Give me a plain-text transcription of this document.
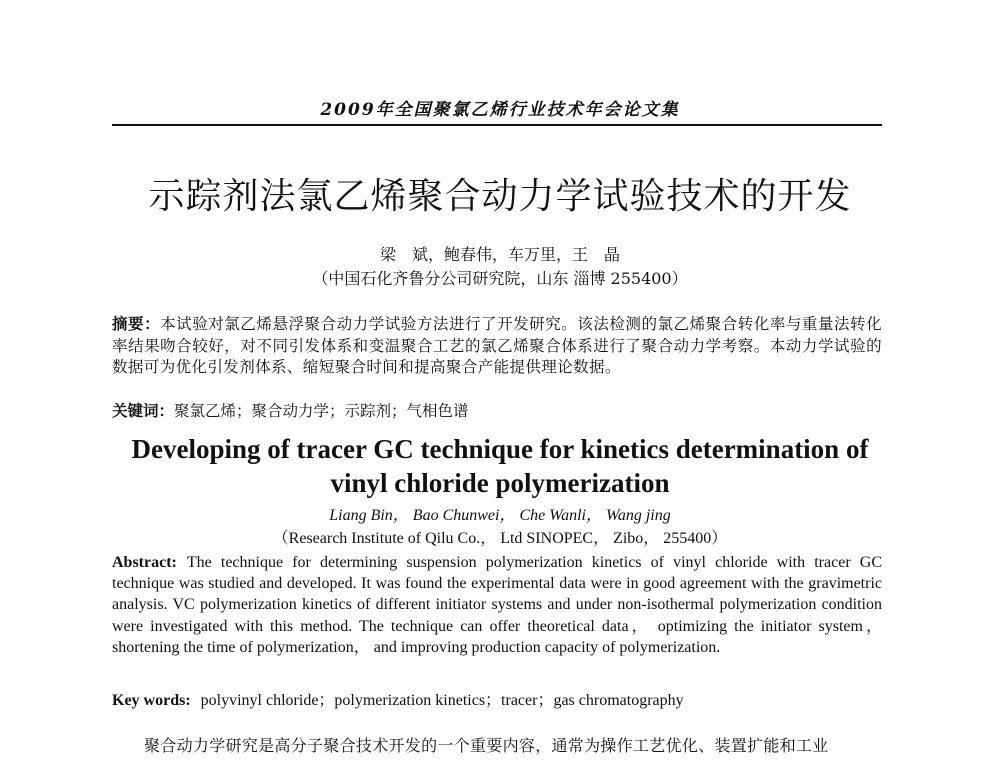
2009年全国聚氯乙烯行业技术年会论文集
示踪剂法氯乙烯聚合动力学试验技术的开发
梁　斌，鲍春伟，车万里，王　晶
（中国石化齐鲁分公司研究院，山东 淄博 255400）
摘要：本试验对氯乙烯悬浮聚合动力学试验方法进行了开发研究。该法检测的氯乙烯聚合转化率与重量法转化率结果吻合较好，对不同引发体系和变温聚合工艺的氯乙烯聚合体系进行了聚合动力学考察。本动力学试验的数据可为优化引发剂体系、缩短聚合时间和提高聚合产能提供理论数据。
关键词：聚氯乙烯；聚合动力学；示踪剂；气相色谱
Developing of tracer GC technique for kinetics determination of vinyl chloride polymerization
Liang Bin， Bao Chunwei， Che Wanli， Wang jing
（Research Institute of Qilu Co.， Ltd SINOPEC， Zibo， 255400）
Abstract: The technique for determining suspension polymerization kinetics of vinyl chloride with tracer GC technique was studied and developed. It was found the experimental data were in good agreement with the gravimetric analysis. VC polymerization kinetics of different initiator systems and under non-isothermal polymerization condition were investigated with this method. The technique can offer theoretical data， optimizing the initiator system， shortening the time of polymerization， and improving production capacity of polymerization.
Key words: polyvinyl chloride；polymerization kinetics；tracer；gas chromatography
聚合动力学研究是高分子聚合技术开发的一个重要内容，通常为操作工艺优化、装置扩能和工业
